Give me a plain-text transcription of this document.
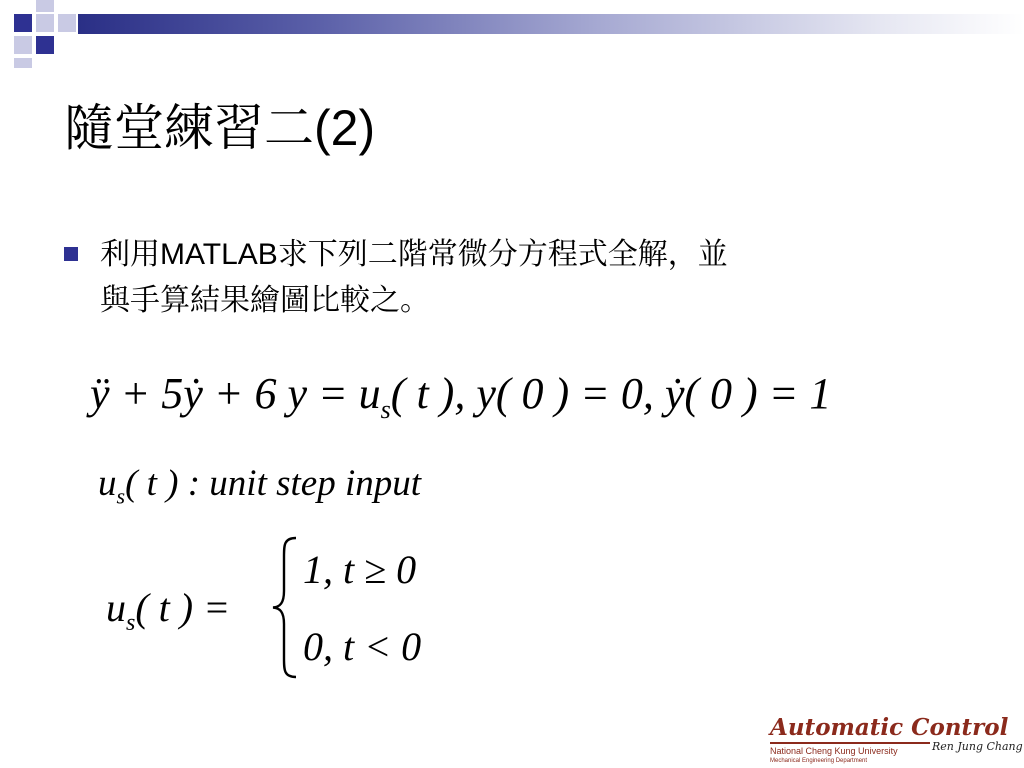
隨堂練習二(2)
利用MATLAB求下列二階常微分方程式全解，並
與手算結果繪圖比較之。
ÿ + 5ẏ + 6 $y = u_s$( t ), y( 0 ) = 0, ẏ( 0 ) = 1
$u_s$( t ) : unit step input
$u_s$( t ) =
1, t ≥ 0
0, t < 0
Automatic Control
National Cheng Kung University
Mechanical Engineering Department
Ren Jung Chang
